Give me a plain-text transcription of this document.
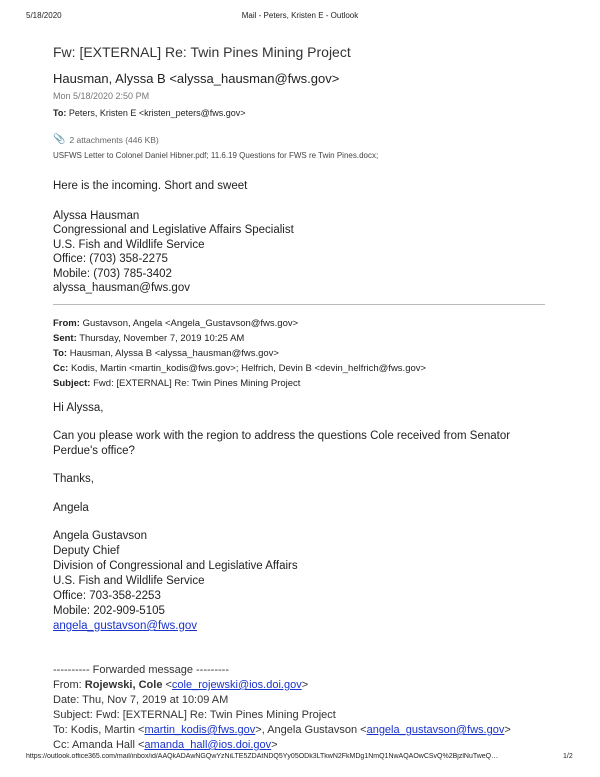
5/18/2020	Mail - Peters, Kristen E - Outlook
Fw: [EXTERNAL] Re: Twin Pines Mining Project
Hausman, Alyssa B <alyssa_hausman@fws.gov>
Mon 5/18/2020 2:50 PM
To: Peters, Kristen E <kristen_peters@fws.gov>
📎 2 attachments (446 KB)
USFWS Letter to Colonel Daniel Hibner.pdf; 11.6.19 Questions for FWS re Twin Pines.docx;

Here is the incoming. Short and sweet

Alyssa Hausman
Congressional and Legislative Affairs Specialist
U.S. Fish and Wildlife Service
Office: (703) 358-2275
Mobile: (703) 785-3402
alyssa_hausman@fws.gov
From: Gustavson, Angela <Angela_Gustavson@fws.gov>
Sent: Thursday, November 7, 2019 10:25 AM
To: Hausman, Alyssa B <alyssa_hausman@fws.gov>
Cc: Kodis, Martin <martin_kodis@fws.gov>; Helfrich, Devin B <devin_helfrich@fws.gov>
Subject: Fwd: [EXTERNAL] Re: Twin Pines Mining Project

Hi Alyssa,

Can you please work with the region to address the questions Cole received from Senator Perdue's office?

Thanks,

Angela

Angela Gustavson
Deputy Chief
Division of Congressional and Legislative Affairs
U.S. Fish and Wildlife Service
Office: 703-358-2253
Mobile: 202-909-5105
angela_gustavson@fws.gov
---------- Forwarded message ---------
From: Rojewski, Cole <cole_rojewski@ios.doi.gov>
Date: Thu, Nov 7, 2019 at 10:09 AM
Subject: Fwd: [EXTERNAL] Re: Twin Pines Mining Project
To: Kodis, Martin <martin_kodis@fws.gov>, Angela Gustavson <angela_gustavson@fws.gov>
Cc: Amanda Hall <amanda_hall@ios.doi.gov>
https://outlook.office365.com/mail/inbox/id/AAQkADAwNGQwYzNiLTE5ZDAtNDQ5Yy05ODk3LTkwN2FkMDg1NmQ1NwAQAOwCSvQ%2BjzlNuTweQ…	1/2
